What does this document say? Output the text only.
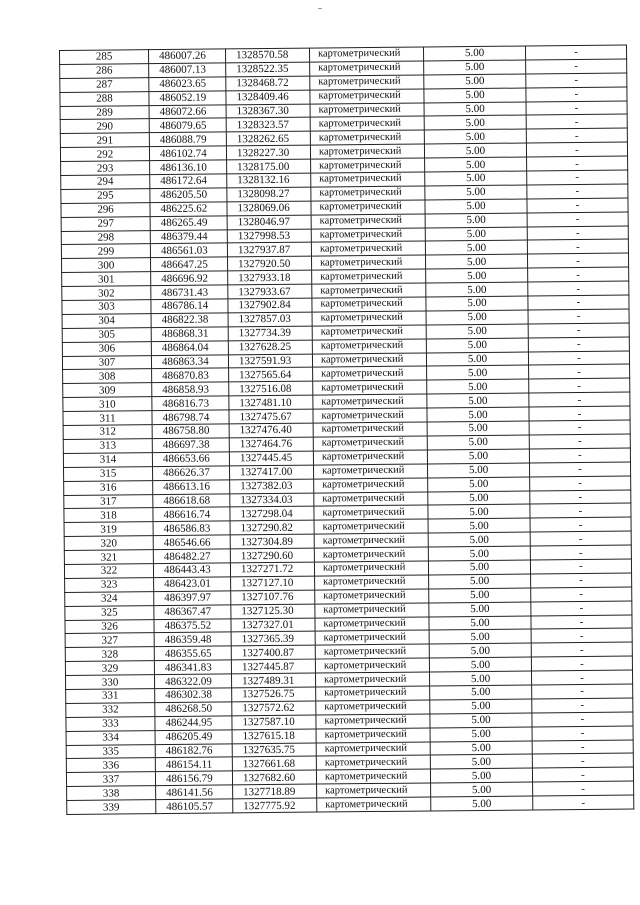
285	486007.26	1328570.58	картометрический	5.00	-
286	486007.13	1328522.35	картометрический	5.00	-
287	486023.65	1328468.72	картометрический	5.00	-
288	486052.19	1328409.46	картометрический	5.00	-
289	486072.66	1328367.30	картометрический	5.00	-
290	486079.65	1328323.57	картометрический	5.00	-
291	486088.79	1328262.65	картометрический	5.00	-
292	486102.74	1328227.30	картометрический	5.00	-
293	486136.10	1328175.00	картометрический	5.00	-
294	486172.64	1328132.16	картометрический	5.00	-
295	486205.50	1328098.27	картометрический	5.00	-
296	486225.62	1328069.06	картометрический	5.00	-
297	486265.49	1328046.97	картометрический	5.00	-
298	486379.44	1327998.53	картометрический	5.00	-
299	486561.03	1327937.87	картометрический	5.00	-
300	486647.25	1327920.50	картометрический	5.00	-
301	486696.92	1327933.18	картометрический	5.00	-
302	486731.43	1327933.67	картометрический	5.00	-
303	486786.14	1327902.84	картометрический	5.00	-
304	486822.38	1327857.03	картометрический	5.00	-
305	486868.31	1327734.39	картометрический	5.00	-
306	486864.04	1327628.25	картометрический	5.00	-
307	486863.34	1327591.93	картометрический	5.00	-
308	486870.83	1327565.64	картометрический	5.00	-
309	486858.93	1327516.08	картометрический	5.00	-
310	486816.73	1327481.10	картометрический	5.00	-
311	486798.74	1327475.67	картометрический	5.00	-
312	486758.80	1327476.40	картометрический	5.00	-
313	486697.38	1327464.76	картометрический	5.00	-
314	486653.66	1327445.45	картометрический	5.00	-
315	486626.37	1327417.00	картометрический	5.00	-
316	486613.16	1327382.03	картометрический	5.00	-
317	486618.68	1327334.03	картометрический	5.00	-
318	486616.74	1327298.04	картометрический	5.00	-
319	486586.83	1327290.82	картометрический	5.00	-
320	486546.66	1327304.89	картометрический	5.00	-
321	486482.27	1327290.60	картометрический	5.00	-
322	486443.43	1327271.72	картометрический	5.00	-
323	486423.01	1327127.10	картометрический	5.00	-
324	486397.97	1327107.76	картометрический	5.00	-
325	486367.47	1327125.30	картометрический	5.00	-
326	486375.52	1327327.01	картометрический	5.00	-
327	486359.48	1327365.39	картометрический	5.00	-
328	486355.65	1327400.87	картометрический	5.00	-
329	486341.83	1327445.87	картометрический	5.00	-
330	486322.09	1327489.31	картометрический	5.00	-
331	486302.38	1327526.75	картометрический	5.00	-
332	486268.50	1327572.62	картометрический	5.00	-
333	486244.95	1327587.10	картометрический	5.00	-
334	486205.49	1327615.18	картометрический	5.00	-
335	486182.76	1327635.75	картометрический	5.00	-
336	486154.11	1327661.68	картометрический	5.00	-
337	486156.79	1327682.60	картометрический	5.00	-
338	486141.56	1327718.89	картометрический	5.00	-
339	486105.57	1327775.92	картометрический	5.00	-
